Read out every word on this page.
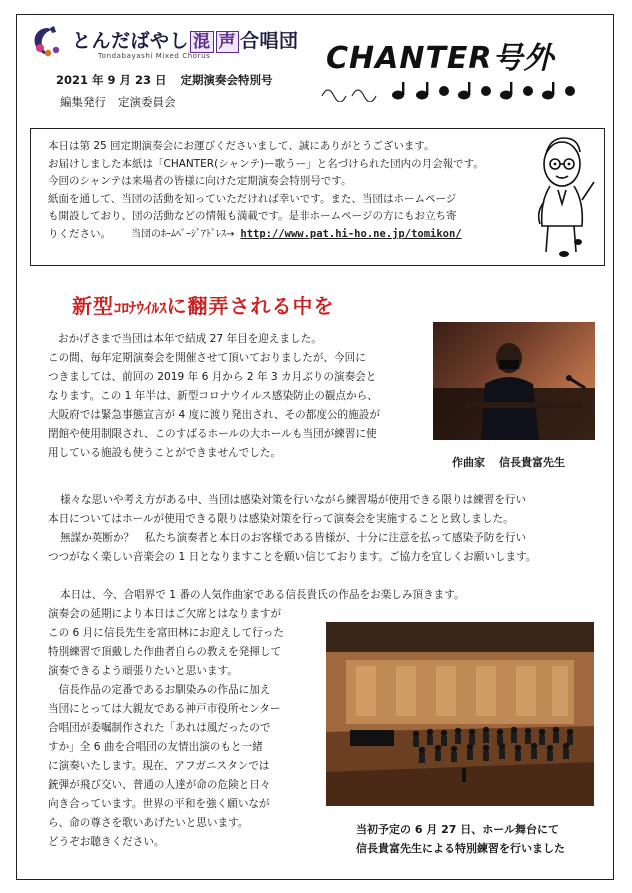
とんだばやし 混 声 合唱団
Tondabayashi Mixed Chorus
2021 年 9 月 23 日 定期演奏会特別号
編集発行 定演委員会
CHANTER号外

本日は第 25 回定期演奏会にお運びくださいまして、誠にありがとうございます。

お届けしました本紙は「CHANTER(シャンテ)ー歌うー」と名づけられた団内の月会報です。

今回のシャンテは来場者の皆様に向けた定期演奏会特別号です。

紙面を通して、当団の活動を知っていただければ幸いです。また、当団はホームページ

も開設しており、団の活動などの情報も満載です。是非ホームページの方にもお立ち寄

りください。 当団のﾎｰﾑﾍﾟｰｼﾞｱﾄﾞﾚｽ→ http://www.pat.hi-ho.ne.jp/tomikon/

新型ｺﾛﾅｳｲﾙｽに翻弄される中を

おかげさまで当団は本年で結成 27 年目を迎えました。

この間、毎年定期演奏会を開催させて頂いておりましたが、今回に

つきましては、前回の 2019 年 6 月から 2 年 3 カ月ぶりの演奏会と

なります。この 1 年半は、新型コロナウイルス感染防止の観点から、

大阪府では緊急事態宣言が 4 度に渡り発出され、その都度公的施設が

閉館や使用制限され、このすばるホールの大ホールも当団が練習に使

用している施設も使うことができませんでした。

作曲家 信長貴富先生

様々な思いや考え方がある中、当団は感染対策を行いながら練習場が使用できる限りは練習を行い

本日についてはホールが使用できる限りは感染対策を行って演奏会を実施することと致しました。

無謀か英断か？　私たち演奏者と本日のお客様である皆様が、十分に注意を払って感染予防を行い

つつがなく楽しい音楽会の 1 日となりますことを願い信じております。ご協力を宜しくお願いします。

本日は、今、合唱界で 1 番の人気作曲家である信長貴氏の作品をお楽しみ頂きます。

演奏会の延期により本日はご欠席とはなりますが

この 6 月に信長先生を富田林にお迎えして行った

特別練習で頂戴した作曲者自らの教えを発揮して

演奏できるよう頑張りたいと思います。

　信長作品の定番であるお馴染みの作品に加え

当団にとっては大親友である神戸市役所センター

合唱団が委嘱制作された「あれは風だったので

すか」全 6 曲を合唱団の友情出演のもと一緒

に演奏いたします。現在、アフガニスタンでは

銃弾が飛び交い、普通の人達が命の危険と日々

向き合っています。世界の平和を強く願いなが

ら、命の尊さを歌いあげたいと思います。

どうぞお聴きください。

当初予定の 6 月 27 日、ホール舞台にて

信長貴富先生による特別練習を行いました
